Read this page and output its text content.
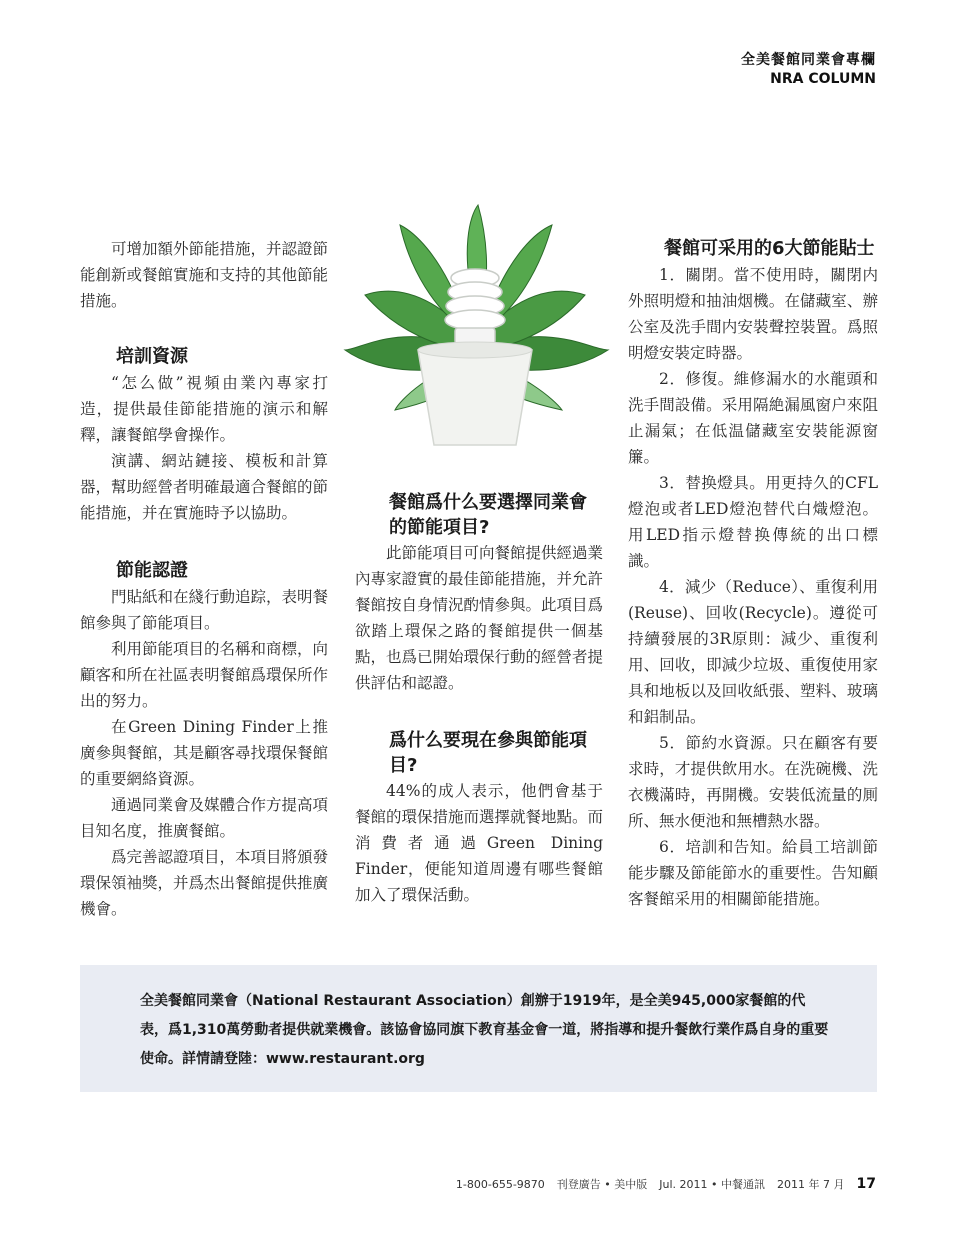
全美餐館同業會專欄
NRA COLUMN

可增加額外節能措施，并認證節能創新或餐館實施和支持的其他節能措施。

培訓資源

“怎么做”視頻由業內專家打造，提供最佳節能措施的演示和解釋，讓餐館學會操作。

演講、網站鏈接、模板和計算器，幫助經營者明確最適合餐館的節能措施，并在實施時予以協助。

節能認證

門貼紙和在綫行動追踪，表明餐館參與了節能項目。

利用節能項目的名稱和商標，向顧客和所在社區表明餐館爲環保所作出的努力。

在Green Dining Finder上推廣參與餐館，其是顧客尋找環保餐館的重要網絡資源。

通過同業會及媒體合作方提高項目知名度，推廣餐館。

爲完善認證項目，本項目將頒發環保領袖獎，并爲杰出餐館提供推廣機會。

餐館爲什么要選擇同業會的節能項目?

此節能項目可向餐館提供經過業內專家證實的最佳節能措施，并允許餐館按自身情況酌情參與。此項目爲欲踏上環保之路的餐館提供一個基點，也爲已開始環保行動的經營者提供評估和認證。

爲什么要現在參與節能項目?

44%的成人表示，他們會基于餐館的環保措施而選擇就餐地點。而消費者通過Green Dining Finder，便能知道周邊有哪些餐館加入了環保活動。

餐館可采用的6大節能貼士

1．關閉。當不使用時，關閉内外照明燈和抽油烟機。在儲藏室、辦公室及洗手間内安裝聲控裝置。爲照明燈安裝定時器。

2．修復。維修漏水的水龍頭和洗手間設備。采用隔絶漏風窗户來阻止漏氣；在低温儲藏室安裝能源窗簾。

3．替换燈具。用更持久的CFL燈泡或者LED燈泡替代白熾燈泡。用LED指示燈替换傳統的出口標識。

4．減少（Reduce）、重復利用(Reuse)、回收(Recycle)。遵從可持續發展的3R原則：減少、重復利用、回收，即減少垃圾、重復使用家具和地板以及回收紙張、塑料、玻璃和鋁制品。

5．節約水資源。只在顧客有要求時，才提供飲用水。在洗碗機、洗衣機滿時，再開機。安裝低流量的厠所、無水便池和無槽熱水器。

6．培訓和告知。給員工培訓節能步驟及節能節水的重要性。告知顧客餐館采用的相關節能措施。

全美餐館同業會（National Restaurant Association）創辦于1919年，是全美945,000家餐館的代表，爲1,310萬勞動者提供就業機會。該協會協同旗下教育基金會一道，將指導和提升餐飲行業作爲自身的重要使命。詳情請登陸：www.restaurant.org

1-800-655-9870 刊登廣告 • 美中版 Jul. 2011 • 中餐通訊 2011 年 7 月 17
